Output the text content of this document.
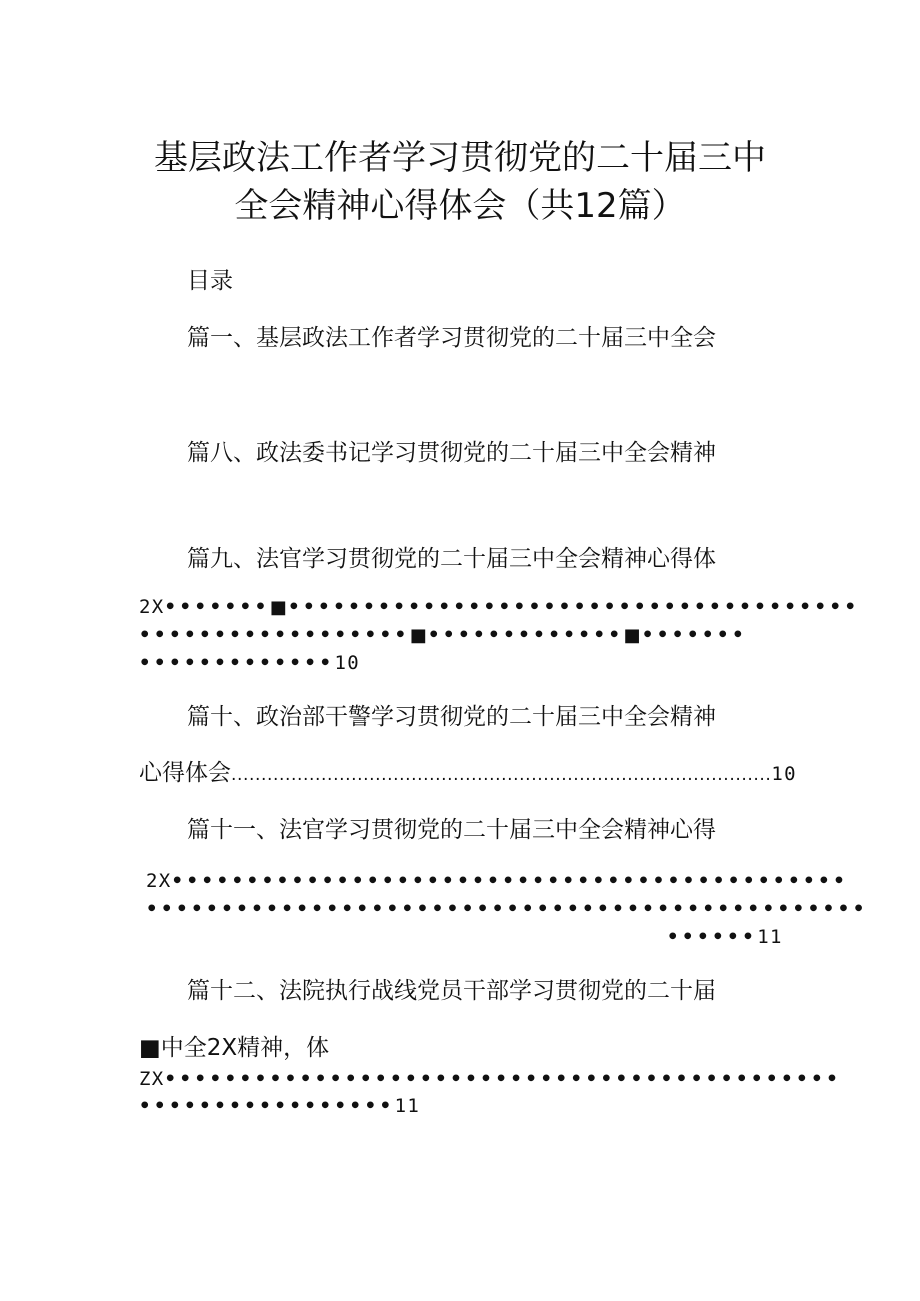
基层政法工作者学习贯彻党的二十届三中
全会精神心得体会（共12篇）
目录
篇一、基层政法工作者学习贯彻党的二十届三中全会
篇八、政法委书记学习贯彻党的二十届三中全会精神
篇九、法官学习贯彻党的二十届三中全会精神心得体
2X•••••••■••••••••••••••••••••••••••••••••••••••
••••••••••••••••••■•••••••••••••■•••••••
•••••••••••••10
篇十、政治部干警学习贯彻党的二十届三中全会精神
心得体会..........................................................................................10
篇十一、法官学习贯彻党的二十届三中全会精神心得
2X•••••••••••••••••••••••••••••••••••••••••••••
••••••••••••••••••••••••••••••••••••••••••••••••
••••••11
篇十二、法院执行战线党员干部学习贯彻党的二十届
■中全2X精神，体
ZX•••••••••••••••••••••••••••••••••••••••••••••
•••••••••••••••••11
